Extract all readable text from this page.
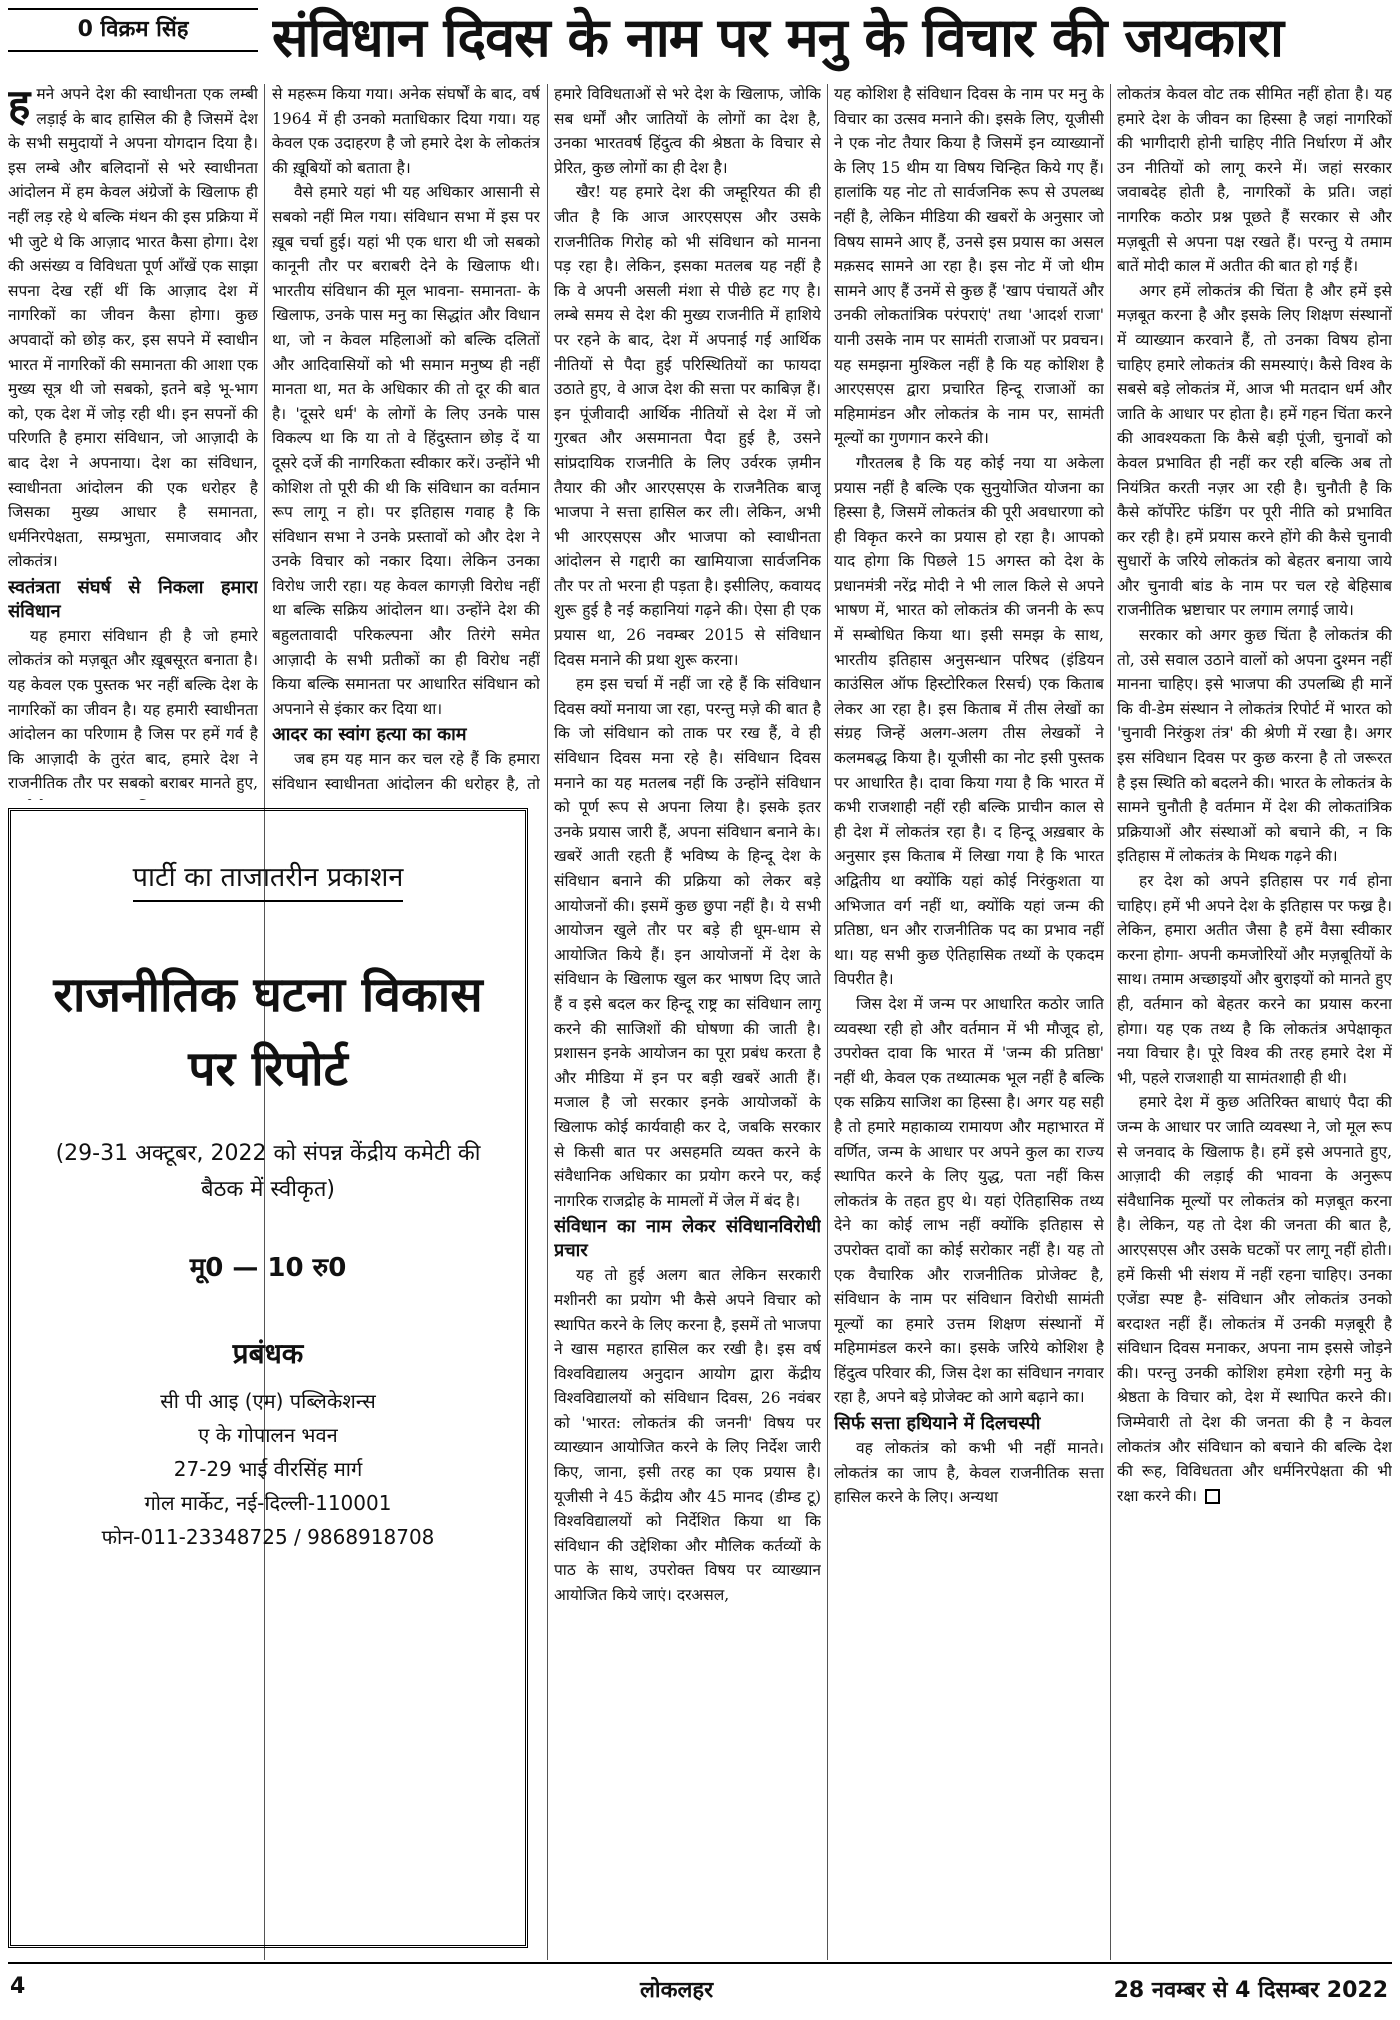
0 विक्रम सिंह	संविधान दिवस के नाम पर मनु के विचार की जयकारा

हमने अपने देश की स्वाधीनता एक लम्बी लड़ाई के बाद हासिल की है जिसमें देश के सभी समुदायों ने अपना योगदान दिया है। इस लम्बे और बलिदानों से भरे स्वाधीनता आंदोलन में हम केवल अंग्रेजों के खिलाफ ही नहीं लड़ रहे थे बल्कि मंथन की इस प्रक्रिया में भी जुटे थे कि आज़ाद भारत कैसा होगा। देश की असंख्य व विविधता पूर्ण आँखें एक साझा सपना देख रहीं थीं कि आज़ाद देश में नागरिकों का जीवन कैसा होगा। कुछ अपवादों को छोड़ कर, इस सपने में स्वाधीन भारत में नागरिकों की समानता की आशा एक मुख्य सूत्र थी जो सबको, इतने बड़े भू-भाग को, एक देश में जोड़ रही थी। इन सपनों की परिणति है हमारा संविधान, जो आज़ादी के बाद देश ने अपनाया। देश का संविधान, स्वाधीनता आंदोलन की एक धरोहर है जिसका मुख्य आधार है समानता, धर्मनिरपेक्षता, सम्प्रभुता, समाजवाद और लोकतंत्र।

स्वतंत्रता संघर्ष से निकला हमारा संविधान

यह हमारा संविधान ही है जो हमारे लोकतंत्र को मज़बूत और ख़ूबसूरत बनाता है। यह केवल एक पुस्तक भर नहीं बल्कि देश के नागरिकों का जीवन है। यह हमारी स्वाधीनता आंदोलन का परिणाम है जिस पर हमें गर्व है कि आज़ादी के तुरंत बाद, हमारे देश ने राजनीतिक तौर पर सबको बराबर मानते हुए,

से महरूम किया गया। अनेक संघर्षों के बाद, वर्ष 1964 में ही उनको मताधिकार दिया गया। यह केवल एक उदाहरण है जो हमारे देश के लोकतंत्र की ख़ूबियों को बताता है।

वैसे हमारे यहां भी यह अधिकार आसानी से सबको नहीं मिल गया। संविधान सभा में इस पर ख़ूब चर्चा हुई। यहां भी एक धारा थी जो सबको कानूनी तौर पर बराबरी देने के खिलाफ थी। भारतीय संविधान की मूल भावना- समानता- के खिलाफ, उनके पास मनु का सिद्धांत और विधान था, जो न केवल महिलाओं को बल्कि दलितों और आदिवासियों को भी समान मनुष्य ही नहीं मानता था, मत के अधिकार की तो दूर की बात है। 'दूसरे धर्म' के लोगों के लिए उनके पास विकल्प था कि या तो वे हिंदुस्तान छोड़ दें या दूसरे दर्जे की नागरिकता स्वीकार करें। उन्होंने भी कोशिश तो पूरी की थी कि संविधान का वर्तमान रूप लागू न हो। पर इतिहास गवाह है कि संविधान सभा ने उनके प्रस्तावों को और देश ने उनके विचार को नकार दिया। लेकिन उनका विरोध जारी रहा। यह केवल कागज़ी विरोध नहीं था बल्कि सक्रिय आंदोलन था। उन्होंने देश की बहुलतावादी परिकल्पना और तिरंगे समेत आज़ादी के सभी प्रतीकों का ही विरोध नहीं किया बल्कि समानता पर आधारित संविधान को अपनाने से इंकार कर दिया था।

आदर का स्वांग हत्या का काम

जब हम यह मान कर चल रहे हैं कि हमारा संविधान स्वाधीनता आंदोलन की धरोहर है, तो

हमारे विविधताओं से भरे देश के खिलाफ, जोकि सब धर्मों और जातियों के लोगों का देश है, उनका भारतवर्ष हिंदुत्व की श्रेष्ठता के विचार से प्रेरित, कुछ लोगों का ही देश है।

खैर! यह हमारे देश की जम्हूरियत की ही जीत है कि आज आरएसएस और उसके राजनीतिक गिरोह को भी संविधान को मानना पड़ रहा है। लेकिन, इसका मतलब यह नहीं है कि वे अपनी असली मंशा से पीछे हट गए है। लम्बे समय से देश की मुख्य राजनीति में हाशिये पर रहने के बाद, देश में अपनाई गई आर्थिक नीतियों से पैदा हुई परिस्थितियों का फायदा उठाते हुए, वे आज देश की सत्ता पर काबिज़ हैं। इन पूंजीवादी आर्थिक नीतियों से देश में जो गुरबत और असमानता पैदा हुई है, उसने सांप्रदायिक राजनीति के लिए उर्वरक ज़मीन तैयार की और आरएसएस के राजनैतिक बाजू भाजपा ने सत्ता हासिल कर ली। लेकिन, अभी भी आरएसएस और भाजपा को स्वाधीनता आंदोलन से गद्दारी का खामियाजा सार्वजनिक तौर पर तो भरना ही पड़ता है। इसीलिए, कवायद शुरू हुई है नई कहानियां गढ़ने की। ऐसा ही एक प्रयास था, 26 नवम्बर 2015 से संविधान दिवस मनाने की प्रथा शुरू करना।

हम इस चर्चा में नहीं जा रहे हैं कि संविधान दिवस क्यों मनाया जा रहा, परन्तु मज़े की बात है कि जो संविधान को ताक पर रख हैं, वे ही संविधान दिवस मना रहे है। संविधान दिवस मनाने का यह मतलब नहीं कि उन्होंने संविधान को पूर्ण रूप से अपना लिया है। इसके इतर उनके प्रयास जारी हैं, अपना संविधान बनाने के। खबरें आती रहती हैं भविष्य के हिन्दू देश के संविधान बनाने की प्रक्रिया को लेकर बड़े आयोजनों की। इसमें कुछ छुपा नहीं है। ये सभी आयोजन खुले तौर पर बड़े ही धूम-धाम से आयोजित किये हैं। इन आयोजनों में देश के संविधान के खिलाफ खुल कर भाषण दिए जाते हैं व इसे बदल कर हिन्दू राष्ट्र का संविधान लागू करने की साजिशों की घोषणा की जाती है। प्रशासन इनके आयोजन का पूरा प्रबंध करता है और मीडिया में इन पर बड़ी खबरें आती हैं। मजाल है जो सरकार इनके आयोजकों के खिलाफ कोई कार्यवाही कर दे, जबकि सरकार से किसी बात पर असहमति व्यक्त करने के संवैधानिक अधिकार का प्रयोग करने पर, कई नागरिक राजद्रोह के मामलों में जेल में बंद है।

संविधान का नाम लेकर संविधानविरोधी प्रचार

यह तो हुई अलग बात लेकिन सरकारी मशीनरी का प्रयोग भी कैसे अपने विचार को स्थापित करने के लिए करना है, इसमें तो भाजपा ने खास महारत हासिल कर रखी है। इस वर्ष विश्वविद्यालय अनुदान आयोग द्वारा केंद्रीय विश्वविद्यालयों को संविधान दिवस, 26 नवंबर को 'भारत: लोकतंत्र की जननी' विषय पर व्याख्यान आयोजित करने के लिए निर्देश जारी किए, जाना, इसी तरह का एक प्रयास है। यूजीसी ने 45 केंद्रीय और 45 मानद (डीम्ड टू) विश्वविद्यालयों को निर्देशित किया था कि संविधान की उद्देशिका और मौलिक कर्तव्यों के पाठ के साथ, उपरोक्त विषय पर व्याख्यान आयोजित किये जाएं। दरअसल,

यह कोशिश है संविधान दिवस के नाम पर मनु के विचार का उत्सव मनाने की। इसके लिए, यूजीसी ने एक नोट तैयार किया है जिसमें इन व्याख्यानों के लिए 15 थीम या विषय चिन्हित किये गए हैं। हालांकि यह नोट तो सार्वजनिक रूप से उपलब्ध नहीं है, लेकिन मीडिया की खबरों के अनुसार जो विषय सामने आए हैं, उनसे इस प्रयास का असल मक़सद सामने आ रहा है। इस नोट में जो थीम सामने आए हैं उनमें से कुछ हैं 'खाप पंचायतें और उनकी लोकतांत्रिक परंपराएं' तथा 'आदर्श राजा' यानी उसके नाम पर सामंती राजाओं पर प्रवचन। यह समझना मुश्किल नहीं है कि यह कोशिश है आरएसएस द्वारा प्रचारित हिन्दू राजाओं का महिमामंडन और लोकतंत्र के नाम पर, सामंती मूल्यों का गुणगान करने की।

गौरतलब है कि यह कोई नया या अकेला प्रयास नहीं है बल्कि एक सुनुयोजित योजना का हिस्सा है, जिसमें लोकतंत्र की पूरी अवधारणा को ही विकृत करने का प्रयास हो रहा है। आपको याद होगा कि पिछले 15 अगस्त को देश के प्रधानमंत्री नरेंद्र मोदी ने भी लाल किले से अपने भाषण में, भारत को लोकतंत्र की जननी के रूप में सम्बोधित किया था। इसी समझ के साथ, भारतीय इतिहास अनुसन्धान परिषद (इंडियन काउंसिल ऑफ हिस्टोरिकल रिसर्च) एक किताब लेकर आ रहा है। इस किताब में तीस लेखों का संग्रह जिन्हें अलग-अलग तीस लेखकों ने कलमबद्ध किया है। यूजीसी का नोट इसी पुस्तक पर आधारित है। दावा किया गया है कि भारत में कभी राजशाही नहीं रही बल्कि प्राचीन काल से ही देश में लोकतंत्र रहा है। द हिन्दू अख़बार के अनुसार इस किताब में लिखा गया है कि भारत अद्वितीय था क्योंकि यहां कोई निरंकुशता या अभिजात वर्ग नहीं था, क्योंकि यहां जन्म की प्रतिष्ठा, धन और राजनीतिक पद का प्रभाव नहीं था। यह सभी कुछ ऐतिहासिक तथ्यों के एकदम विपरीत है।

जिस देश में जन्म पर आधारित कठोर जाति व्यवस्था रही हो और वर्तमान में भी मौजूद हो, उपरोक्त दावा कि भारत में 'जन्म की प्रतिष्ठा' नहीं थी, केवल एक तथ्यात्मक भूल नहीं है बल्कि एक सक्रिय साजिश का हिस्सा है। अगर यह सही है तो हमारे महाकाव्य रामायण और महाभारत में वर्णित, जन्म के आधार पर अपने कुल का राज्य स्थापित करने के लिए युद्ध, पता नहीं किस लोकतंत्र के तहत हुए थे। यहां ऐतिहासिक तथ्य देने का कोई लाभ नहीं क्योंकि इतिहास से उपरोक्त दावों का कोई सरोकार नहीं है। यह तो एक वैचारिक और राजनीतिक प्रोजेक्ट है, संविधान के नाम पर संविधान विरोधी सामंती मूल्यों का हमारे उत्तम शिक्षण संस्थानों में महिमामंडल करने का। इसके जरिये कोशिश है हिंदुत्व परिवार की, जिस देश का संविधान नगवार रहा है, अपने बड़े प्रोजेक्ट को आगे बढ़ाने का।

सिर्फ सत्ता हथियाने में दिलचस्पी

वह लोकतंत्र को कभी भी नहीं मानते। लोकतंत्र का जाप है, केवल राजनीतिक सत्ता हासिल करने के लिए। अन्यथा

लोकतंत्र केवल वोट तक सीमित नहीं होता है। यह हमारे देश के जीवन का हिस्सा है जहां नागरिकों की भागीदारी होनी चाहिए नीति निर्धारण में और उन नीतियों को लागू करने में। जहां सरकार जवाबदेह होती है, नागरिकों के प्रति। जहां नागरिक कठोर प्रश्न पूछते हैं सरकार से और मज़बूती से अपना पक्ष रखते हैं। परन्तु ये तमाम बातें मोदी काल में अतीत की बात हो गई हैं।

अगर हमें लोकतंत्र की चिंता है और हमें इसे मज़बूत करना है और इसके लिए शिक्षण संस्थानों में व्याख्यान करवाने हैं, तो उनका विषय होना चाहिए हमारे लोकतंत्र की समस्याएं। कैसे विश्व के सबसे बड़े लोकतंत्र में, आज भी मतदान धर्म और जाति के आधार पर होता है। हमें गहन चिंता करने की आवश्यकता कि कैसे बड़ी पूंजी, चुनावों को केवल प्रभावित ही नहीं कर रही बल्कि अब तो नियंत्रित करती नज़र आ रही है। चुनौती है कि कैसे कॉर्पोरेट फंडिंग पर पूरी नीति को प्रभावित कर रही है। हमें प्रयास करने होंगे की कैसे चुनावी सुधारों के जरिये लोकतंत्र को बेहतर बनाया जाये और चुनावी बांड के नाम पर चल रहे बेहिसाब राजनीतिक भ्रष्टाचार पर लगाम लगाई जाये।

सरकार को अगर कुछ चिंता है लोकतंत्र की तो, उसे सवाल उठाने वालों को अपना दुश्मन नहीं मानना चाहिए। इसे भाजपा की उपलब्धि ही मानें कि वी-डेम संस्थान ने लोकतंत्र रिपोर्ट में भारत को 'चुनावी निरंकुश तंत्र' की श्रेणी में रखा है। अगर इस संविधान दिवस पर कुछ करना है तो जरूरत है इस स्थिति को बदलने की। भारत के लोकतंत्र के सामने चुनौती है वर्तमान में देश की लोकतांत्रिक प्रक्रियाओं और संस्थाओं को बचाने की, न कि इतिहास में लोकतंत्र के मिथक गढ़ने की।

हर देश को अपने इतिहास पर गर्व होना चाहिए। हमें भी अपने देश के इतिहास पर फख्र है। लेकिन, हमारा अतीत जैसा है हमें वैसा स्वीकार करना होगा- अपनी कमजोरियों और मज़बूतियों के साथ। तमाम अच्छाइयों और बुराइयों को मानते हुए ही, वर्तमान को बेहतर करने का प्रयास करना होगा। यह एक तथ्य है कि लोकतंत्र अपेक्षाकृत नया विचार है। पूरे विश्व की तरह हमारे देश में भी, पहले राजशाही या सामंतशाही ही थी।

हमारे देश में कुछ अतिरिक्त बाधाएं पैदा की जन्म के आधार पर जाति व्यवस्था ने, जो मूल रूप से जनवाद के खिलाफ है। हमें इसे अपनाते हुए, आज़ादी की लड़ाई की भावना के अनुरूप संवैधानिक मूल्यों पर लोकतंत्र को मज़बूत करना है। लेकिन, यह तो देश की जनता की बात है, आरएसएस और उसके घटकों पर लागू नहीं होती। हमें किसी भी संशय में नहीं रहना चाहिए। उनका एजेंडा स्पष्ट है- संविधान और लोकतंत्र उनको बरदाश्त नहीं हैं। लोकतंत्र में उनकी मज़बूरी है संविधान दिवस मनाकर, अपना नाम इससे जोड़ने की। परन्तु उनकी कोशिश हमेशा रहेगी मनु के श्रेष्ठता के विचार को, देश में स्थापित करने की। जिम्मेवारी तो देश की जनता की है न केवल लोकतंत्र और संविधान को बचाने की बल्कि देश की रूह, विविधतता और धर्मनिरपेक्षता की भी रक्षा करने की।

पार्टी का ताजातरीन प्रकाशन
राजनीतिक घटना विकास
पर रिपोर्ट
(29-31 अक्टूबर, 2022 को संपन्न केंद्रीय कमेटी की बैठक में स्वीकृत)
मू0 — 10 रु0
प्रबंधक
सी पी आइ (एम) पब्लिकेशन्स
ए के गोपालन भवन
27-29 भाई वीरसिंह मार्ग
गोल मार्केट, नई-दिल्ली-110001
फोन-011-23348725 / 9868918708
4	लोकलहर	28 नवम्बर से 4 दिसम्बर 2022
